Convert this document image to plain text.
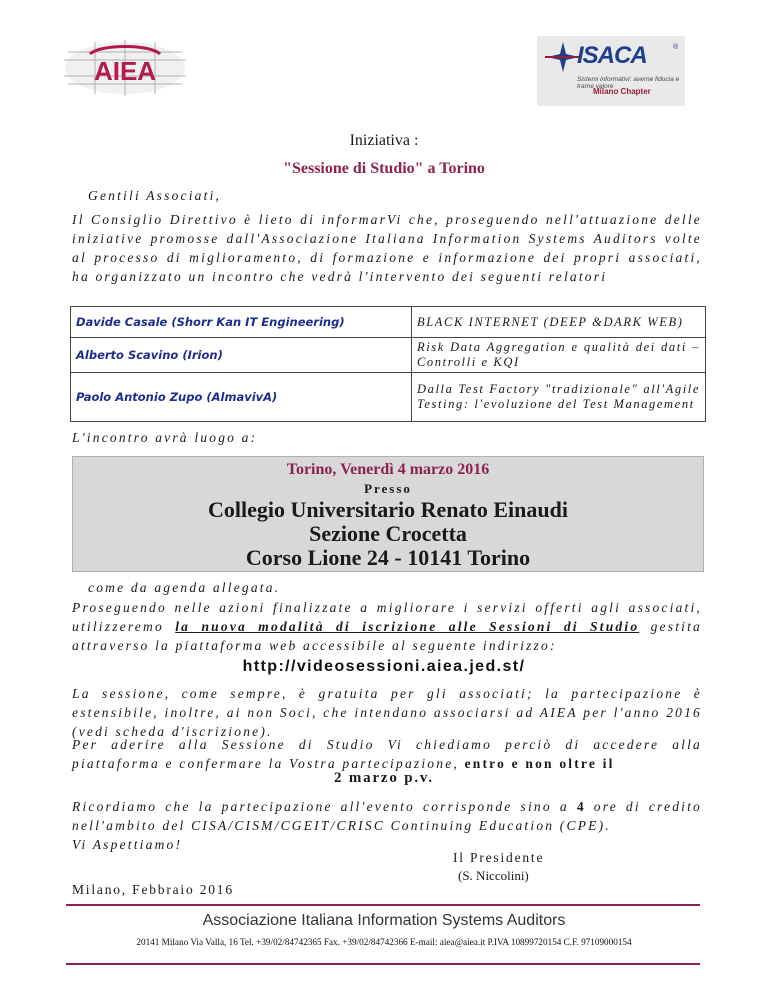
AIEA
ISACA	®
Sistemi informativi: averne fiducia e trarne valore
Milano Chapter
Iniziativa :
"Sessione di Studio" a Torino
Gentili Associati,
Il Consiglio Direttivo è lieto di informarVi che, proseguendo nell'attuazione delle iniziative promosse dall'Associazione Italiana Information Systems Auditors volte al processo di miglioramento, di formazione e informazione dei propri associati, ha organizzato un incontro che vedrà l'intervento dei seguenti relatori
Davide Casale (Shorr Kan IT Engineering)	BLACK INTERNET (DEEP &DARK WEB)
Alberto Scavino (Irion)	Risk Data Aggregation e qualità dei dati – Controlli e KQI
Paolo Antonio Zupo (AlmavivA)	Dalla Test Factory "tradizionale" all'Agile Testing: l'evoluzione del Test Management
L'incontro avrà luogo a:
Torino, Venerdì 4 marzo 2016
Presso
Collegio Universitario Renato Einaudi
Sezione Crocetta
Corso Lione 24 - 10141 Torino
come da agenda allegata.
Proseguendo nelle azioni finalizzate a migliorare i servizi offerti agli associati, utilizzeremo la nuova modalità di iscrizione alle Sessioni di Studio gestita attraverso la piattaforma web accessibile al seguente indirizzo:
http://videosessioni.aiea.jed.st/
La sessione, come sempre, è gratuita per gli associati; la partecipazione è estensibile, inoltre, ai non Soci, che intendano associarsi ad AIEA per l'anno 2016 (vedi scheda d'iscrizione).
Per aderire alla Sessione di Studio Vi chiediamo perciò di accedere alla piattaforma e confermare la Vostra partecipazione, entro e non oltre il
2 marzo p.v.
Ricordiamo che la partecipazione all'evento corrisponde sino a 4 ore di credito nell'ambito del CISA/CISM/CGEIT/CRISC Continuing Education (CPE).
Vi Aspettiamo!
Il Presidente
(S. Niccolini)
Milano, Febbraio 2016
Associazione Italiana Information Systems Auditors
20141 Milano Via Valla, 16 Tel. +39/02/84742365 Fax. +39/02/84742366 E-mail: aiea@aiea.it P.IVA 10899720154 C.F. 97109000154
